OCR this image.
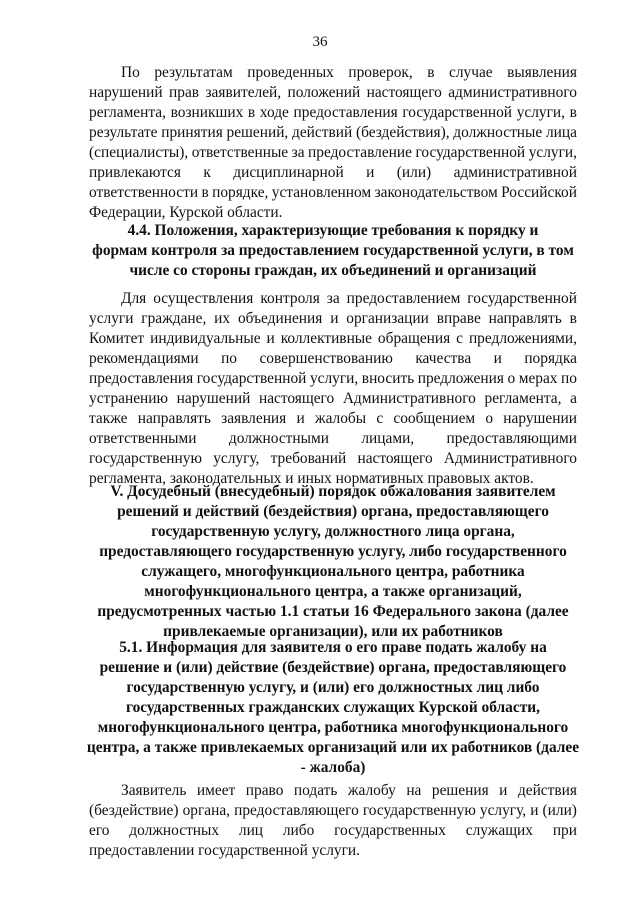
36
По результатам проведенных проверок, в случае выявления
нарушений прав заявителей, положений настоящего административного
регламента, возникших в ходе предоставления государственной услуги, в
результате принятия решений, действий (бездействия), должностные лица
(специалисты), ответственные за предоставление государственной услуги,
привлекаются к дисциплинарной и (или) административной
ответственности в порядке, установленном законодательством Российской
Федерации, Курской области.
4.4. Положения, характеризующие требования к порядку и
формам контроля за предоставлением государственной услуги, в том
числе со стороны граждан, их объединений и организаций
Для осуществления контроля за предоставлением государственной
услуги граждане, их объединения и организации вправе направлять в
Комитет индивидуальные и коллективные обращения с предложениями,
рекомендациями по совершенствованию качества и порядка
предоставления государственной услуги, вносить предложения о мерах по
устранению нарушений настоящего Административного регламента, а
также направлять заявления и жалобы с сообщением о нарушении
ответственными должностными лицами, предоставляющими
государственную услугу, требований настоящего Административного
регламента, законодательных и иных нормативных правовых актов.
V. Досудебный (внесудебный) порядок обжалования заявителем
решений и действий (бездействия) органа, предоставляющего
государственную услугу, должностного лица органа,
предоставляющего государственную услугу, либо государственного
служащего, многофункционального центра, работника
многофункционального центра, а также организаций,
предусмотренных частью 1.1 статьи 16 Федерального закона (далее
привлекаемые организации), или их работников
5.1. Информация для заявителя о его праве подать жалобу на
решение и (или) действие (бездействие) органа, предоставляющего
государственную услугу, и (или) его должностных лиц либо
государственных гражданских служащих Курской области,
многофункционального центра, работника многофункционального
центра, а также привлекаемых организаций или их работников (далее
- жалоба)
Заявитель имеет право подать жалобу на решения и действия
(бездействие) органа, предоставляющего государственную услугу, и (или)
его должностных лиц либо государственных служащих при
предоставлении государственной услуги.
